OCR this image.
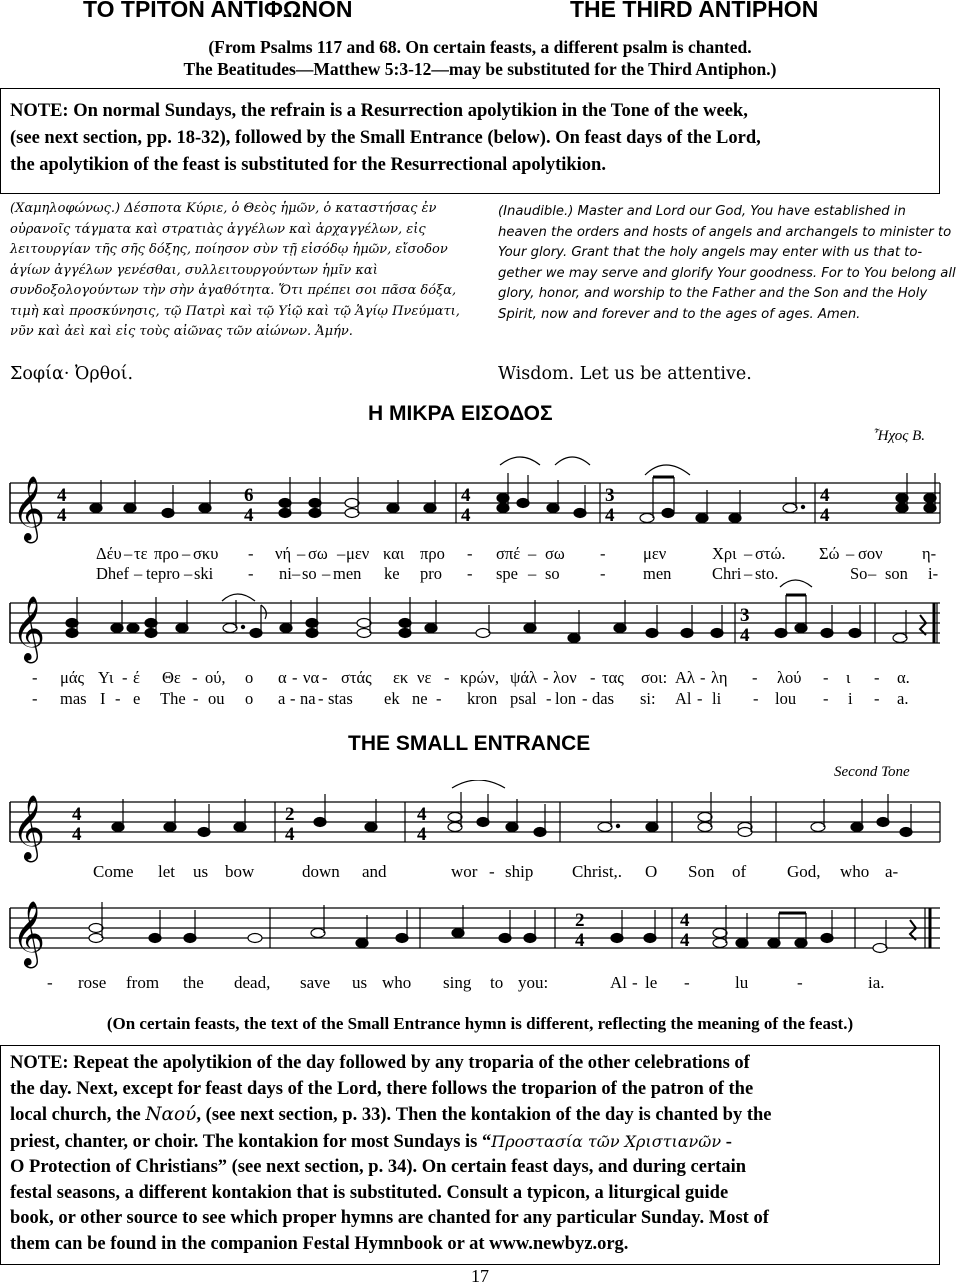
ΤΟ ΤΡΙΤΟΝ ΑΝΤΙΦΩΝΟΝ	THE THIRD ANTIPHON
(From Psalms 117 and 68. On certain feasts, a different psalm is chanted.
The Beatitudes—Matthew 5:3-12—may be substituted for the Third Antiphon.)
NOTE: On normal Sundays, the refrain is a Resurrection apolytikion in the Tone of the week,
(see next section, pp. 18-32), followed by the Small Entrance (below). On feast days of the Lord,
the apolytikion of the feast is substituted for the Resurrectional apolytikion.
(Χαμηλοφώνως.) Δέσποτα Κύριε, ὁ Θεὸς ἡμῶν, ὁ καταστήσας ἐν
οὐρανοῖς τάγματα καὶ στρατιὰς ἀγγέλων καὶ ἀρχαγγέλων, εἰς
λειτουργίαν τῆς σῆς δόξης, ποίησον σὺν τῇ εἰσόδῳ ἡμῶν, εἴσοδον
ἁγίων ἀγγέλων γενέσθαι, συλλειτουργούντων ἡμῖν καὶ
συνδοξολογούντων τὴν σὴν ἀγαθότητα. Ὅτι πρέπει σοι πᾶσα δόξα,
τιμὴ καὶ προσκύνησις, τῷ Πατρὶ καὶ τῷ Υἱῷ καὶ τῷ Ἁγίῳ Πνεύματι,
νῦν καὶ ἀεὶ καὶ εἰς τοὺς αἰῶνας τῶν αἰώνων. Ἀμήν.
(Inaudible.) Master and Lord our God, You have established in
heaven the orders and hosts of angels and archangels to minister to
Your glory. Grant that the holy angels may enter with us that to-
gether we may serve and glorify Your goodness. For to You belong all
glory, honor, and worship to the Father and the Son and the Holy
Spirit, now and forever and to the ages of ages. Amen.
Σοφία· Ὀρθοί.	Wisdom. Let us be attentive.
Η ΜΙΚΡΑ ΕΙΣΟΔΟΣ
Ἦχος Β.
𝄞 4
4
6
4
4
4
3
4
4
4
Δέυ – τε προ – σκυ - νή – σω – μεν και προ - σπέ – σω - μεν	Χρι – στώ. Σώ – σον η-
Dhef – te pro – ski - ni – so – men ke pro - spe – so - men Chri – sto.	So – son i-
𝄞	3
4
- μάς Υι - έ Θε - ού, ο α - να - στάς εκ νε - κρών, ψάλ - λον - τας σοι: Αλ - λη - λού - ι - α.
- mas I - e The - ou o a - na - stas ek ne - kron psal - lon - das si: Al - li - lou - i - a.
THE SMALL ENTRANCE
Second Tone
𝄞 4
4
2
4
4
4
Come let us bow	down and	wor - ship Christ,. O Son of God, who a-
𝄞	2
4
4
4
- rose from the dead, save us who sing to you:	Al - le -	lu	-	ia.
(On certain feasts, the text of the Small Entrance hymn is different, reflecting the meaning of the feast.)
NOTE: Repeat the apolytikion of the day followed by any troparia of the other celebrations of
the day. Next, except for feast days of the Lord, there follows the troparion of the patron of the
local church, the Ναού, (see next section, p. 33). Then the kontakion of the day is chanted by the
priest, chanter, or choir. The kontakion for most Sundays is “Προστασία τῶν Χριστιανῶν -
O Protection of Christians” (see next section, p. 34). On certain feast days, and during certain
festal seasons, a different kontakion that is substituted. Consult a typicon, a liturgical guide
book, or other source to see which proper hymns are chanted for any particular Sunday. Most of
them can be found in the companion Festal Hymnbook or at www.newbyz.org.
17
